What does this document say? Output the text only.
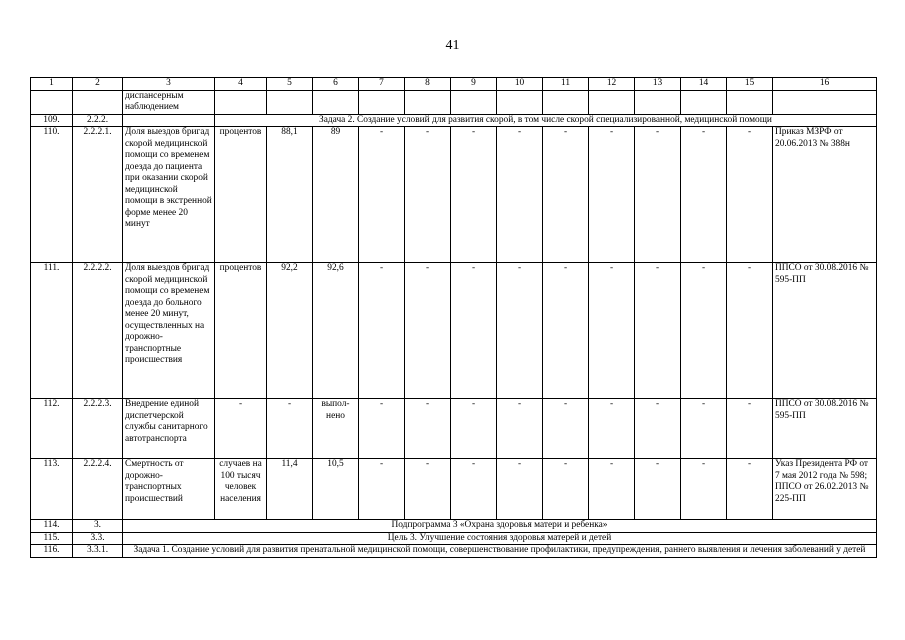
41
1	2	3	4	5	6	7	8	9	10	11	12	13	14	15	16
		диспансерным наблюдением													
109.	2.2.2.		Задача 2. Создание условий для развития скорой, в том числе скорой специализированной, медицинской помощи												
110.	2.2.2.1.	Доля выездов бригад скорой медицинской помощи со временем доезда до пациента при оказании скорой медицинской помощи в экстренной форме менее 20 минут	процентов	88,1	89	-	-	-	-	-	-	-	-	-	Приказ МЗРФ от 20.06.2013 № 388н
111.	2.2.2.2.	Доля выездов бригад скорой медицинской помощи со временем доезда до больного менее 20 минут, осуществленных на дорожно-транспортные происшествия	процентов	92,2	92,6	-	-	-	-	-	-	-	-	-	ППСО от 30.08.2016 № 595-ПП
112.	2.2.2.3.	Внедрение единой диспетчерской службы санитарного автотранспорта	-	-	выпол-нено	-	-	-	-	-	-	-	-	-	ППСО от 30.08.2016 № 595-ПП
113.	2.2.2.4.	Смертность от дорожно-транспортных происшествий	случаев на 100 тысяч человек населения	11,4	10,5	-	-	-	-	-	-	-	-	-	Указ Президента РФ от 7 мая 2012 года № 598; ППСО от 26.02.2013 № 225-ПП
114.	3.	Подпрограмма 3 «Охрана здоровья матери и ребенка»													
115.	3.3.	Цель 3. Улучшение состояния здоровья матерей и детей													
116.	3.3.1.	Задача 1. Создание условий для развития пренатальной медицинской помощи, совершенствование профилактики, предупреждения, раннего выявления и лечения заболеваний у детей													
